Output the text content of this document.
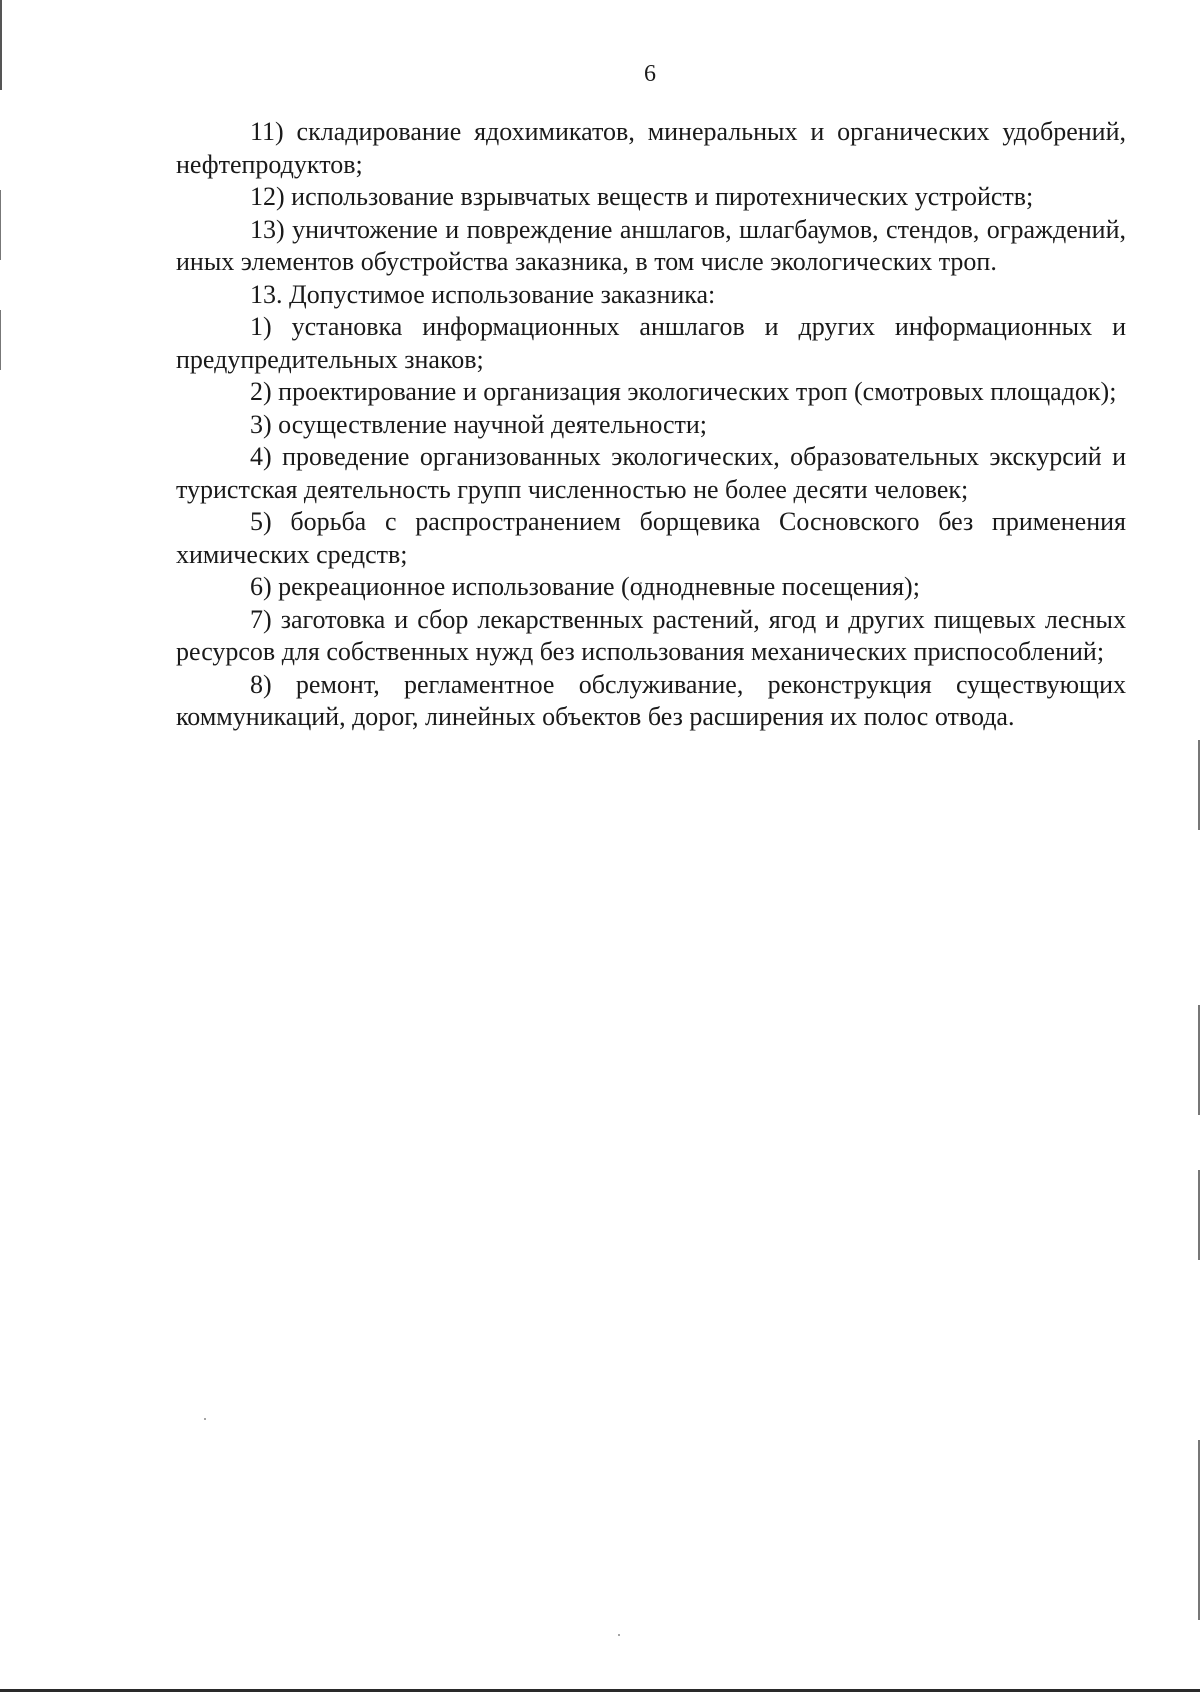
6

11) складирование ядохимикатов, минеральных и органических удобрений, нефтепродуктов;

12) использование взрывчатых веществ и пиротехнических устройств;

13) уничтожение и повреждение аншлагов, шлагбаумов, стендов, ограждений, иных элементов обустройства заказника, в том числе экологических троп.

13. Допустимое использование заказника:

1) установка информационных аншлагов и других информационных и предупредительных знаков;

2) проектирование и организация экологических троп (смотровых площадок);

3) осуществление научной деятельности;

4) проведение организованных экологических, образовательных экскурсий и туристская деятельность групп численностью не более десяти человек;

5) борьба с распространением борщевика Сосновского без применения химических средств;

6) рекреационное использование (однодневные посещения);

7) заготовка и сбор лекарственных растений, ягод и других пищевых лесных ресурсов для собственных нужд без использования механических приспособлений;

8) ремонт, регламентное обслуживание, реконструкция существующих коммуникаций, дорог, линейных объектов без расширения их полос отвода.
